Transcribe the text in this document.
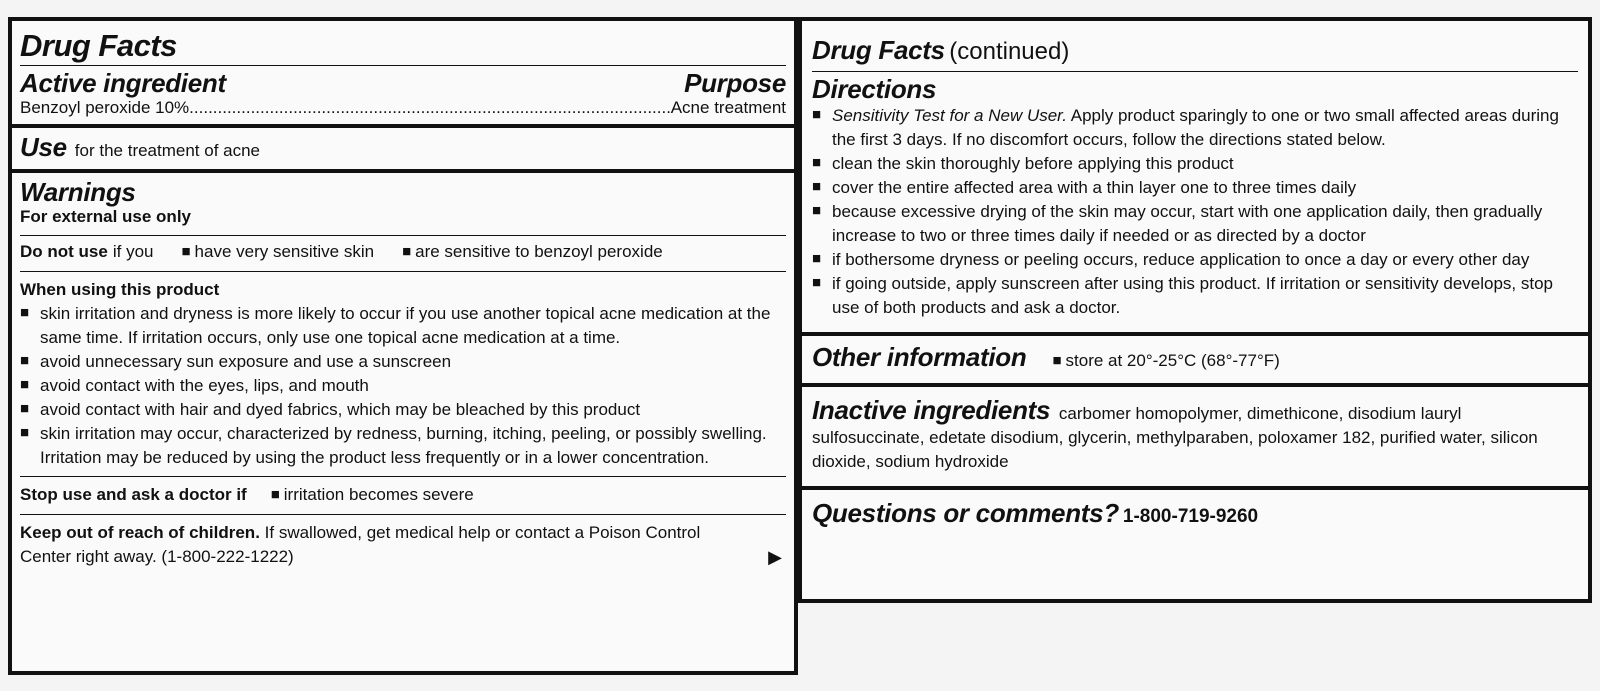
Drug Facts
Active ingredient	Purpose
Benzoyl peroxide 10%
.....	Acne treatment
Use for the treatment of acne
Warnings
For external use only
Do not use if you ■ have very sensitive skin ■ are sensitive to benzoyl peroxide
When using this product
■ skin irritation and dryness is more likely to occur if you use another topical acne medication at the same time. If irritation occurs, only use one topical acne medication at a time.
■ avoid unnecessary sun exposure and use a sunscreen
■ avoid contact with the eyes, lips, and mouth
■ avoid contact with hair and dyed fabrics, which may be bleached by this product
■ skin irritation may occur, characterized by redness, burning, itching, peeling, or possibly swelling. Irritation may be reduced by using the product less frequently or in a lower concentration.
Stop use and ask a doctor if ■ irritation becomes severe
Keep out of reach of children. If swallowed, get medical help or contact a Poison Control Center right away. (1-800-222-1222)	▶
Drug Facts (continued)
Directions
■ Sensitivity Test for a New User. Apply product sparingly to one or two small affected areas during the first 3 days. If no discomfort occurs, follow the directions stated below.
■ clean the skin thoroughly before applying this product
■ cover the entire affected area with a thin layer one to three times daily
■ because excessive drying of the skin may occur, start with one application daily, then gradually increase to two or three times daily if needed or as directed by a doctor
■ if bothersome dryness or peeling occurs, reduce application to once a day or every other day
■ if going outside, apply sunscreen after using this product. If irritation or sensitivity develops, stop use of both products and ask a doctor.
Other information ■ store at 20°-25°C (68°-77°F)
Inactive ingredients carbomer homopolymer, dimethicone, disodium lauryl sulfosuccinate, edetate disodium, glycerin, methylparaben, poloxamer 182, purified water, silicon dioxide, sodium hydroxide
Questions or comments? 1-800-719-9260
